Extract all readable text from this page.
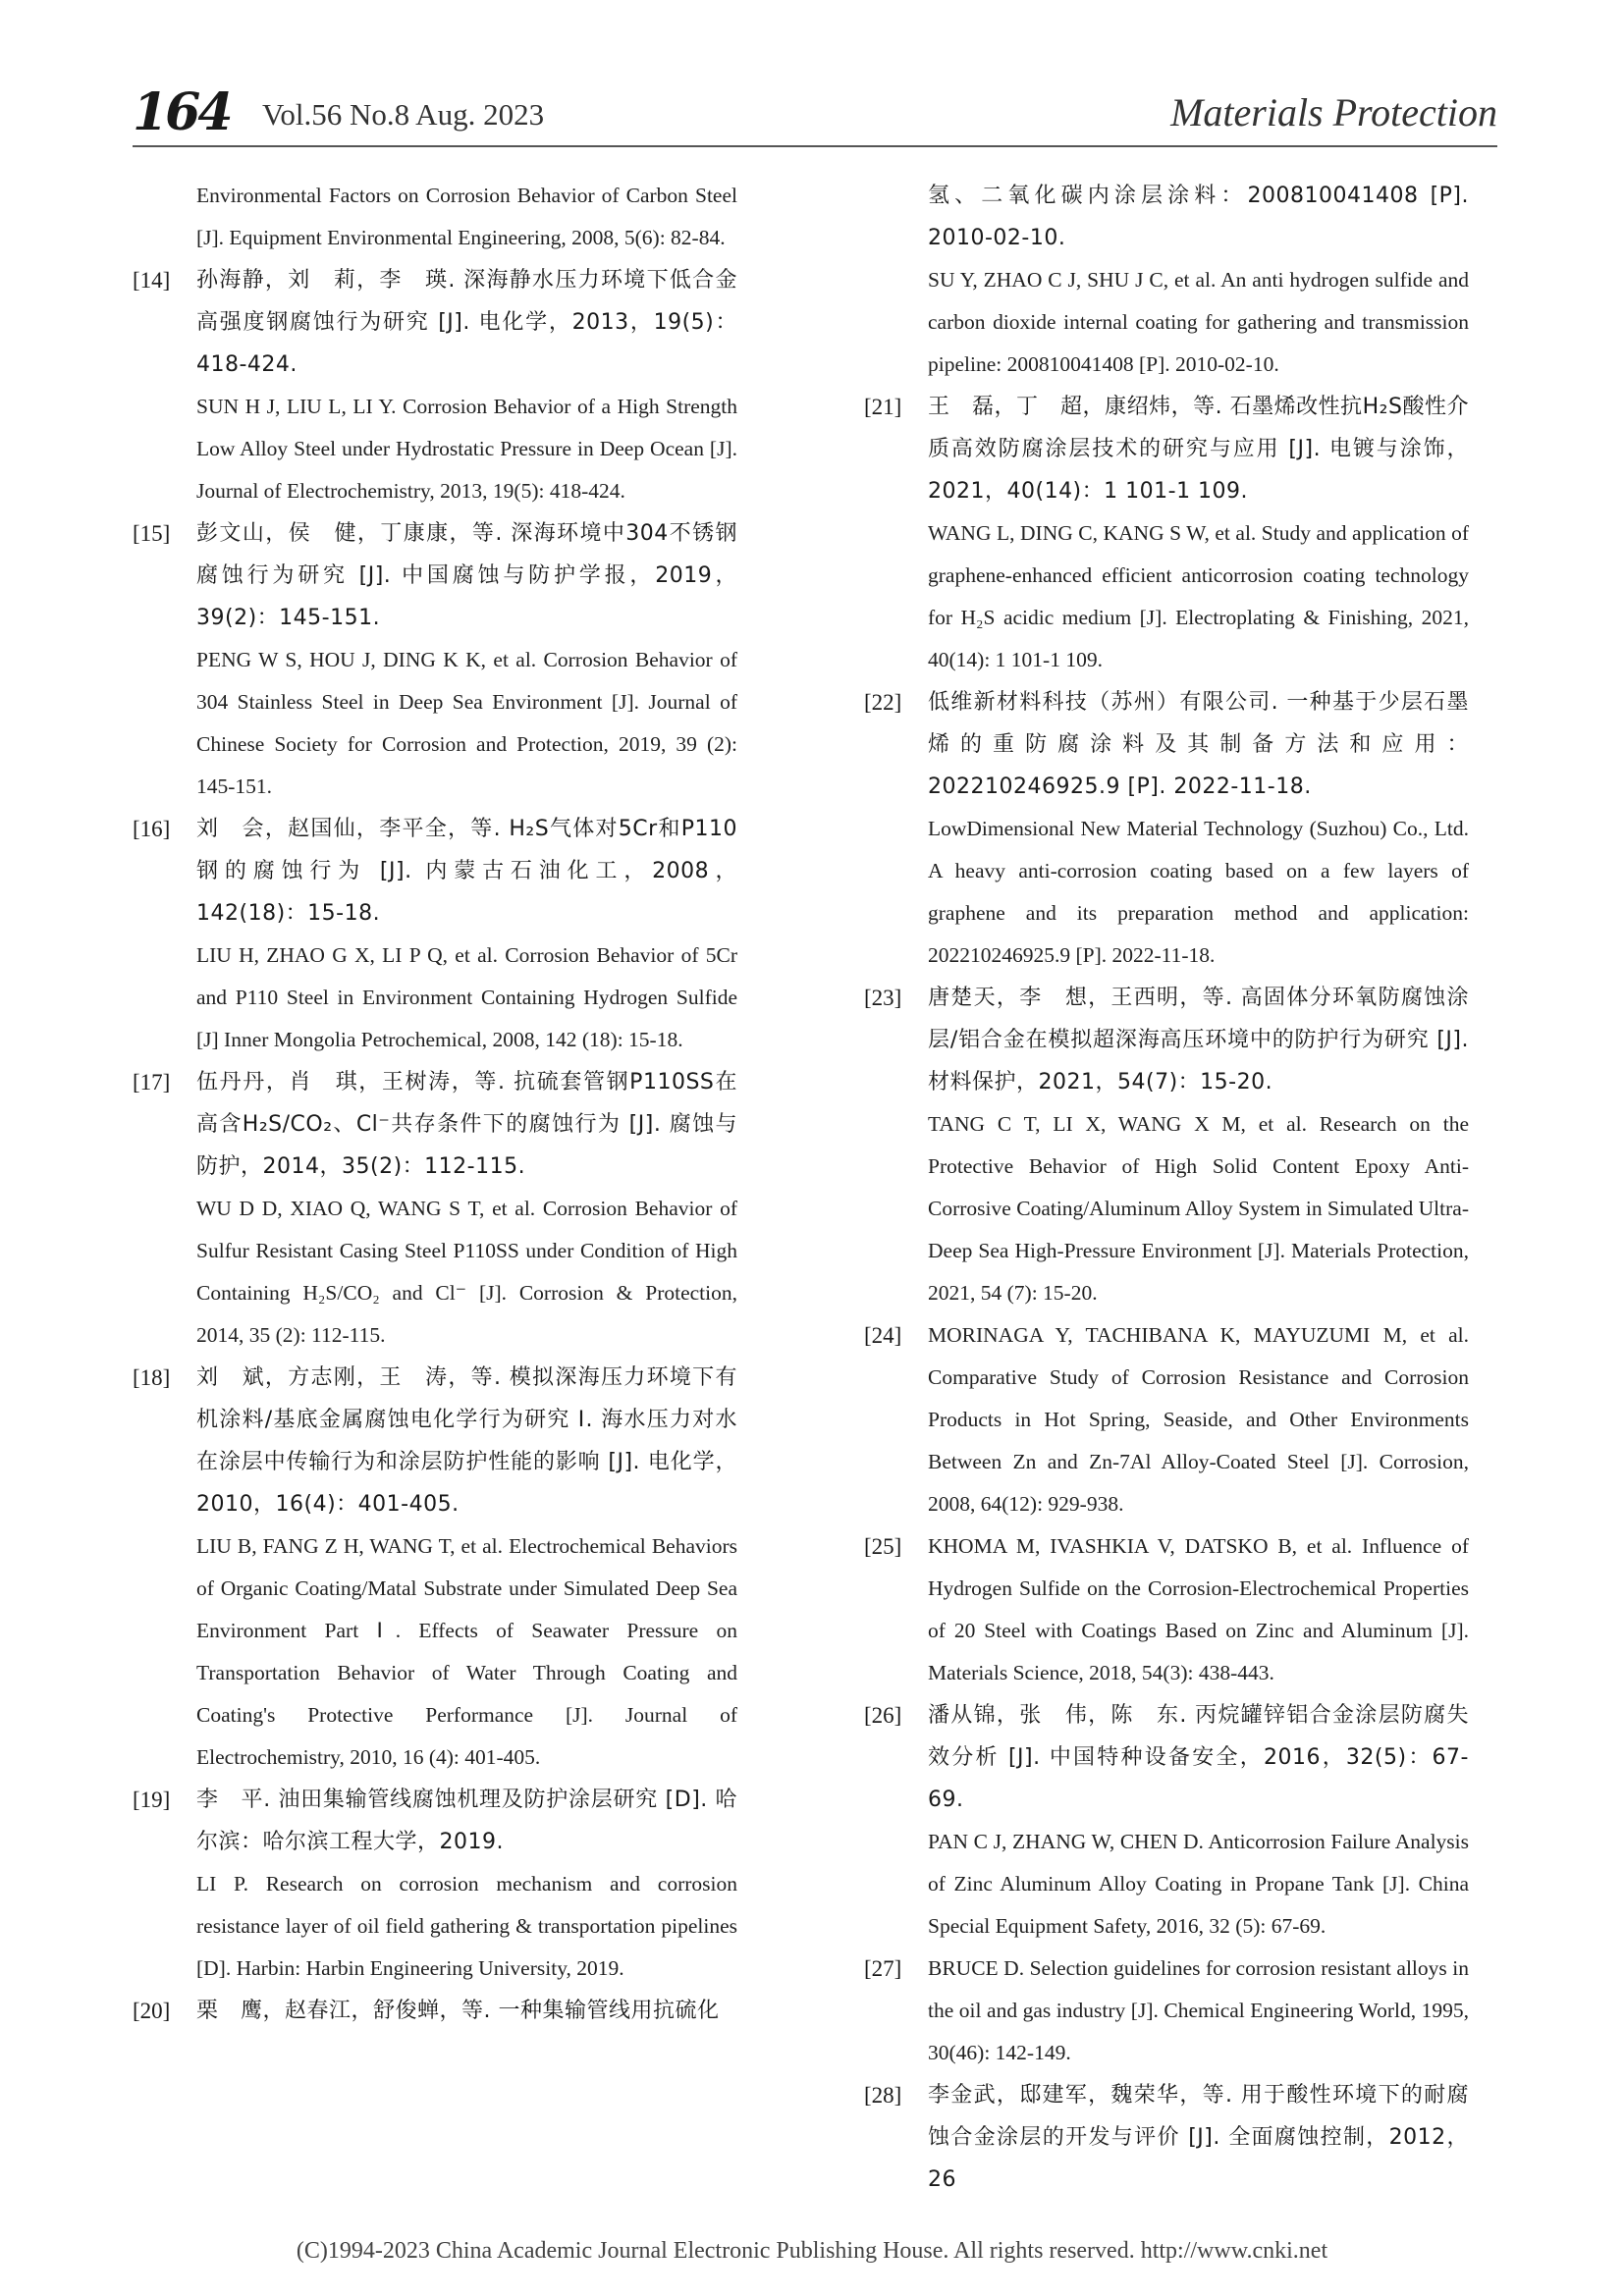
164 Vol.56 No.8 Aug. 2023	Materials Protection

Environmental Factors on Corrosion Behavior of Carbon Steel [J]. Equipment Environmental Engineering, 2008, 5(6): 82-84.

[14] 孙海静，刘　莉，李　瑛. 深海静水压力环境下低合金高强度钢腐蚀行为研究 [J]. 电化学，2013，19(5)：418-424.

SUN H J, LIU L, LI Y. Corrosion Behavior of a High Strength Low Alloy Steel under Hydrostatic Pressure in Deep Ocean [J]. Journal of Electrochemistry, 2013, 19(5): 418-424.

[15] 彭文山，侯　健，丁康康，等. 深海环境中304不锈钢腐蚀行为研究 [J]. 中国腐蚀与防护学报，2019，39(2)：145-151.

PENG W S, HOU J, DING K K, et al. Corrosion Behavior of 304 Stainless Steel in Deep Sea Environment [J]. Journal of Chinese Society for Corrosion and Protection, 2019, 39 (2): 145-151.

[16] 刘　会，赵国仙，李平全，等. H₂S气体对5Cr和P110钢的腐蚀行为 [J]. 内蒙古石油化工，2008，142(18)：15-18.

LIU H, ZHAO G X, LI P Q, et al. Corrosion Behavior of 5Cr and P110 Steel in Environment Containing Hydrogen Sulfide [J] Inner Mongolia Petrochemical, 2008, 142 (18): 15-18.

[17] 伍丹丹，肖　琪，王树涛，等. 抗硫套管钢P110SS在高含H₂S/CO₂、Cl⁻共存条件下的腐蚀行为 [J]. 腐蚀与防护，2014，35(2)：112-115.

WU D D, XIAO Q, WANG S T, et al. Corrosion Behavior of Sulfur Resistant Casing Steel P110SS under Condition of High Containing H₂S/CO₂ and Cl⁻ [J]. Corrosion & Protection, 2014, 35 (2): 112-115.

[18] 刘　斌，方志刚，王　涛，等. 模拟深海压力环境下有机涂料/基底金属腐蚀电化学行为研究 Ⅰ. 海水压力对水在涂层中传输行为和涂层防护性能的影响 [J]. 电化学，2010，16(4)：401-405.

LIU B, FANG Z H, WANG T, et al. Electrochemical Behaviors of Organic Coating/Matal Substrate under Simulated Deep Sea Environment Part Ⅰ. Effects of Seawater Pressure on Transportation Behavior of Water Through Coating and Coating's Protective Performance [J]. Journal of Electrochemistry, 2010, 16 (4): 401-405.

[19] 李　平. 油田集输管线腐蚀机理及防护涂层研究 [D]. 哈尔滨：哈尔滨工程大学，2019.

LI P. Research on corrosion mechanism and corrosion resistance layer of oil field gathering & transportation pipelines [D]. Harbin: Harbin Engineering University, 2019.

[20] 栗　鹰，赵春江，舒俊蝉，等. 一种集输管线用抗硫化

氢、二氧化碳内涂层涂料：200810041408 [P]. 2010-02-10.

SU Y, ZHAO C J, SHU J C, et al. An anti hydrogen sulfide and carbon dioxide internal coating for gathering and transmission pipeline: 200810041408 [P]. 2010-02-10.

[21] 王　磊，丁　超，康绍炜，等. 石墨烯改性抗H₂S酸性介质高效防腐涂层技术的研究与应用 [J]. 电镀与涂饰，2021，40(14)：1 101-1 109.

WANG L, DING C, KANG S W, et al. Study and application of graphene-enhanced efficient anticorrosion coating technology for H₂S acidic medium [J]. Electroplating & Finishing, 2021, 40(14): 1 101-1 109.

[22] 低维新材料科技（苏州）有限公司. 一种基于少层石墨烯的重防腐涂料及其制备方法和应用：202210246925.9 [P]. 2022-11-18.

LowDimensional New Material Technology (Suzhou) Co., Ltd. A heavy anti-corrosion coating based on a few layers of graphene and its preparation method and application: 202210246925.9 [P]. 2022-11-18.

[23] 唐楚天，李　想，王西明，等. 高固体分环氧防腐蚀涂层/铝合金在模拟超深海高压环境中的防护行为研究 [J]. 材料保护，2021，54(7)：15-20.

TANG C T, LI X, WANG X M, et al. Research on the Protective Behavior of High Solid Content Epoxy Anti-Corrosive Coating/Aluminum Alloy System in Simulated Ultra-Deep Sea High-Pressure Environment [J]. Materials Protection, 2021, 54 (7): 15-20.

[24] MORINAGA Y, TACHIBANA K, MAYUZUMI M, et al. Comparative Study of Corrosion Resistance and Corrosion Products in Hot Spring, Seaside, and Other Environments Between Zn and Zn-7Al Alloy-Coated Steel [J]. Corrosion, 2008, 64(12): 929-938.

[25] KHOMA M, IVASHKIA V, DATSKO B, et al. Influence of Hydrogen Sulfide on the Corrosion-Electrochemical Properties of 20 Steel with Coatings Based on Zinc and Aluminum [J]. Materials Science, 2018, 54(3): 438-443.

[26] 潘从锦，张　伟，陈　东. 丙烷罐锌铝合金涂层防腐失效分析 [J]. 中国特种设备安全，2016，32(5)：67-69.

PAN C J, ZHANG W, CHEN D. Anticorrosion Failure Analysis of Zinc Aluminum Alloy Coating in Propane Tank [J]. China Special Equipment Safety, 2016, 32 (5): 67-69.

[27] BRUCE D. Selection guidelines for corrosion resistant alloys in the oil and gas industry [J]. Chemical Engineering World, 1995, 30(46): 142-149.

[28] 李金武，邸建军，魏荣华，等. 用于酸性环境下的耐腐蚀合金涂层的开发与评价 [J]. 全面腐蚀控制，2012，26

(C)1994-2023 China Academic Journal Electronic Publishing House. All rights reserved. http://www.cnki.net
